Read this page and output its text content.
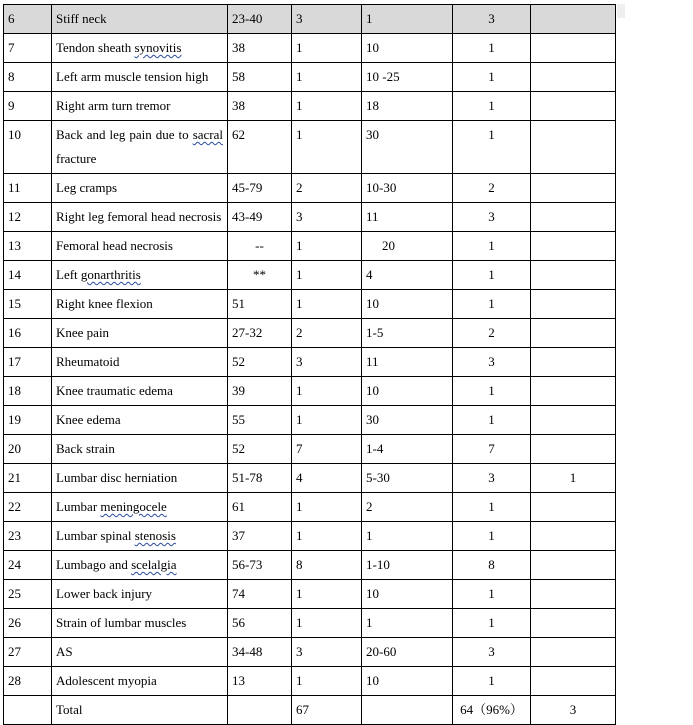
6	Stiff neck	23-40	3	1	3	
7	Tendon sheath synovitis	38	1	10	1	
8	Left arm muscle tension high	58	1	10 -25	1	
9	Right arm turn tremor	38	1	18	1	
10	Back and leg pain due to sacral fracture	62	1	30	1	
11	Leg cramps	45-79	2	10-30	2	
12	Right leg femoral head necrosis	43-49	3	11	3	
13	Femoral head necrosis	--	1	20	1	
14	Left gonarthritis	**	1	4	1	
15	Right knee flexion	51	1	10	1	
16	Knee pain	27-32	2	1-5	2	
17	Rheumatoid	52	3	11	3	
18	Knee traumatic edema	39	1	10	1	
19	Knee edema	55	1	30	1	
20	Back strain	52	7	1-4	7	
21	Lumbar disc herniation	51-78	4	5-30	3	1
22	Lumbar meningocele	61	1	2	1	
23	Lumbar spinal stenosis	37	1	1	1	
24	Lumbago and scelalgia	56-73	8	1-10	8	
25	Lower back injury	74	1	10	1	
26	Strain of lumbar muscles	56	1	1	1	
27	AS	34-48	3	20-60	3	
28	Adolescent myopia	13	1	10	1	
	Total		67		64（96%）	3
